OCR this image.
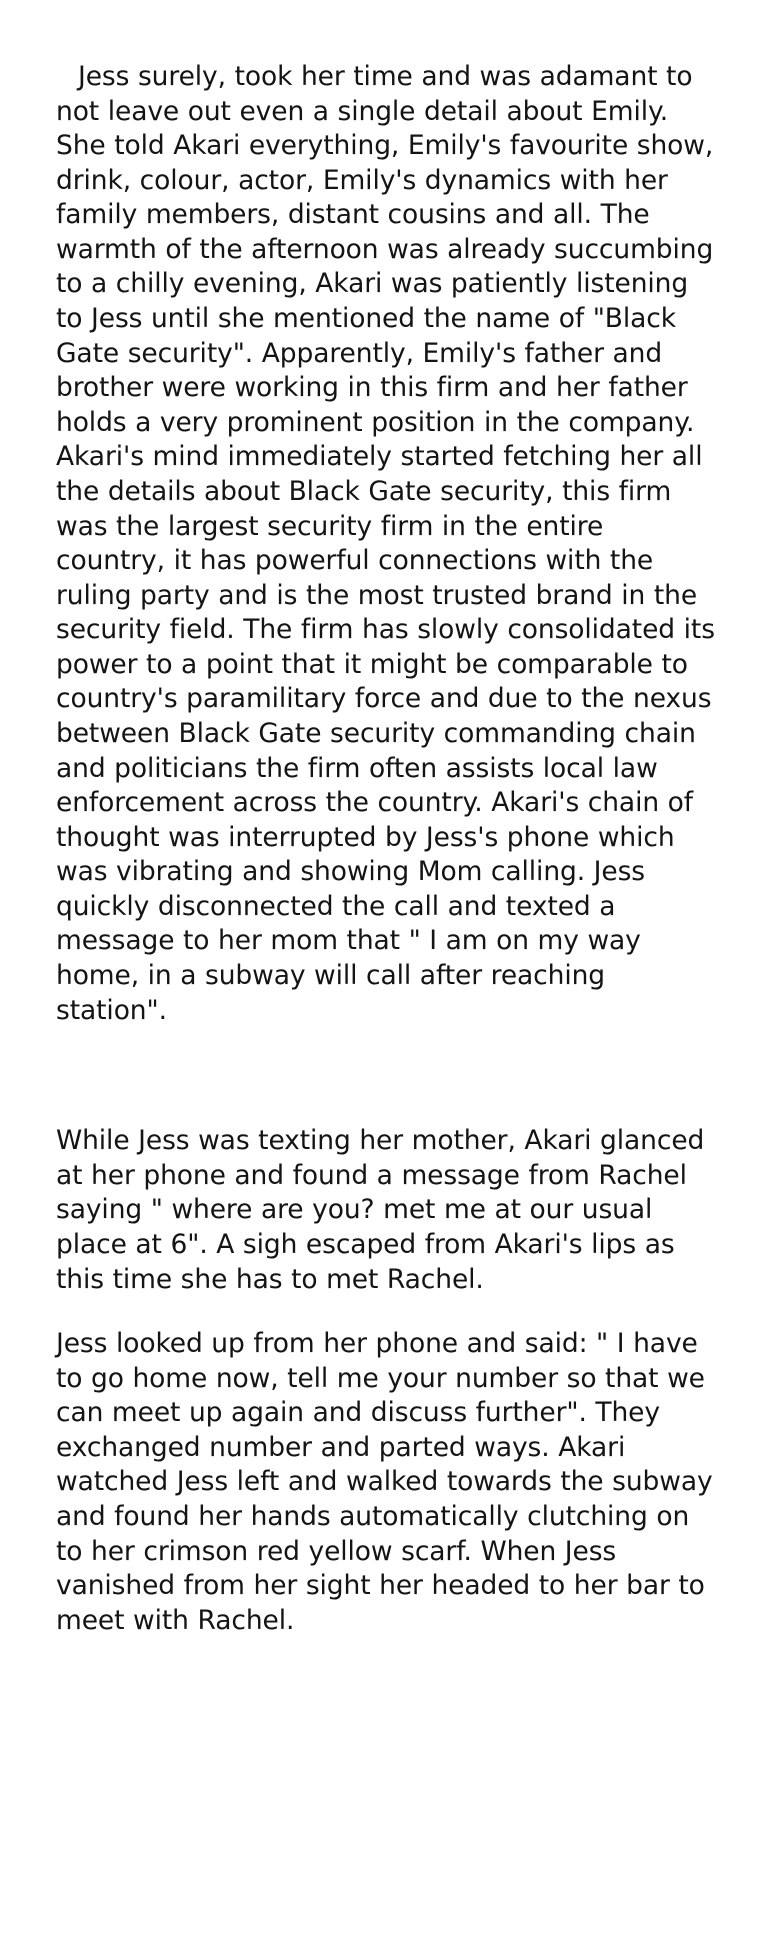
Jess surely, took her time and was adamant to not leave out even a single detail about Emily. She told Akari everything, Emily's favourite show, drink, colour, actor, Emily's dynamics with her family members, distant cousins and all. The warmth of the afternoon was already succumbing to a chilly evening, Akari was patiently listening to Jess until she mentioned the name of "Black Gate security". Apparently, Emily's father and brother were working in this firm and her father holds a very prominent position in the company. Akari's mind immediately started fetching her all the details about Black Gate security, this firm was the largest security firm in the entire country, it has powerful connections with the ruling party and is the most trusted brand in the security field. The firm has slowly consolidated its power to a point that it might be comparable to country's paramilitary force and due to the nexus between Black Gate security commanding chain and politicians the firm often assists local law enforcement across the country. Akari's chain of thought was interrupted by Jess's phone which was vibrating and showing Mom calling. Jess quickly disconnected the call and texted a message to her mom that " I am on my way home, in a subway will call after reaching station".

While Jess was texting her mother, Akari glanced at her phone and found a message from Rachel saying " where are you? met me at our usual place at 6". A sigh escaped from Akari's lips as this time she has to met Rachel.

Jess looked up from her phone and said: " I have to go home now, tell me your number so that we can meet up again and discuss further". They exchanged number and parted ways. Akari watched Jess left and walked towards the subway and found her hands automatically clutching on to her crimson red yellow scarf. When Jess vanished from her sight her headed to her bar to meet with Rachel.
